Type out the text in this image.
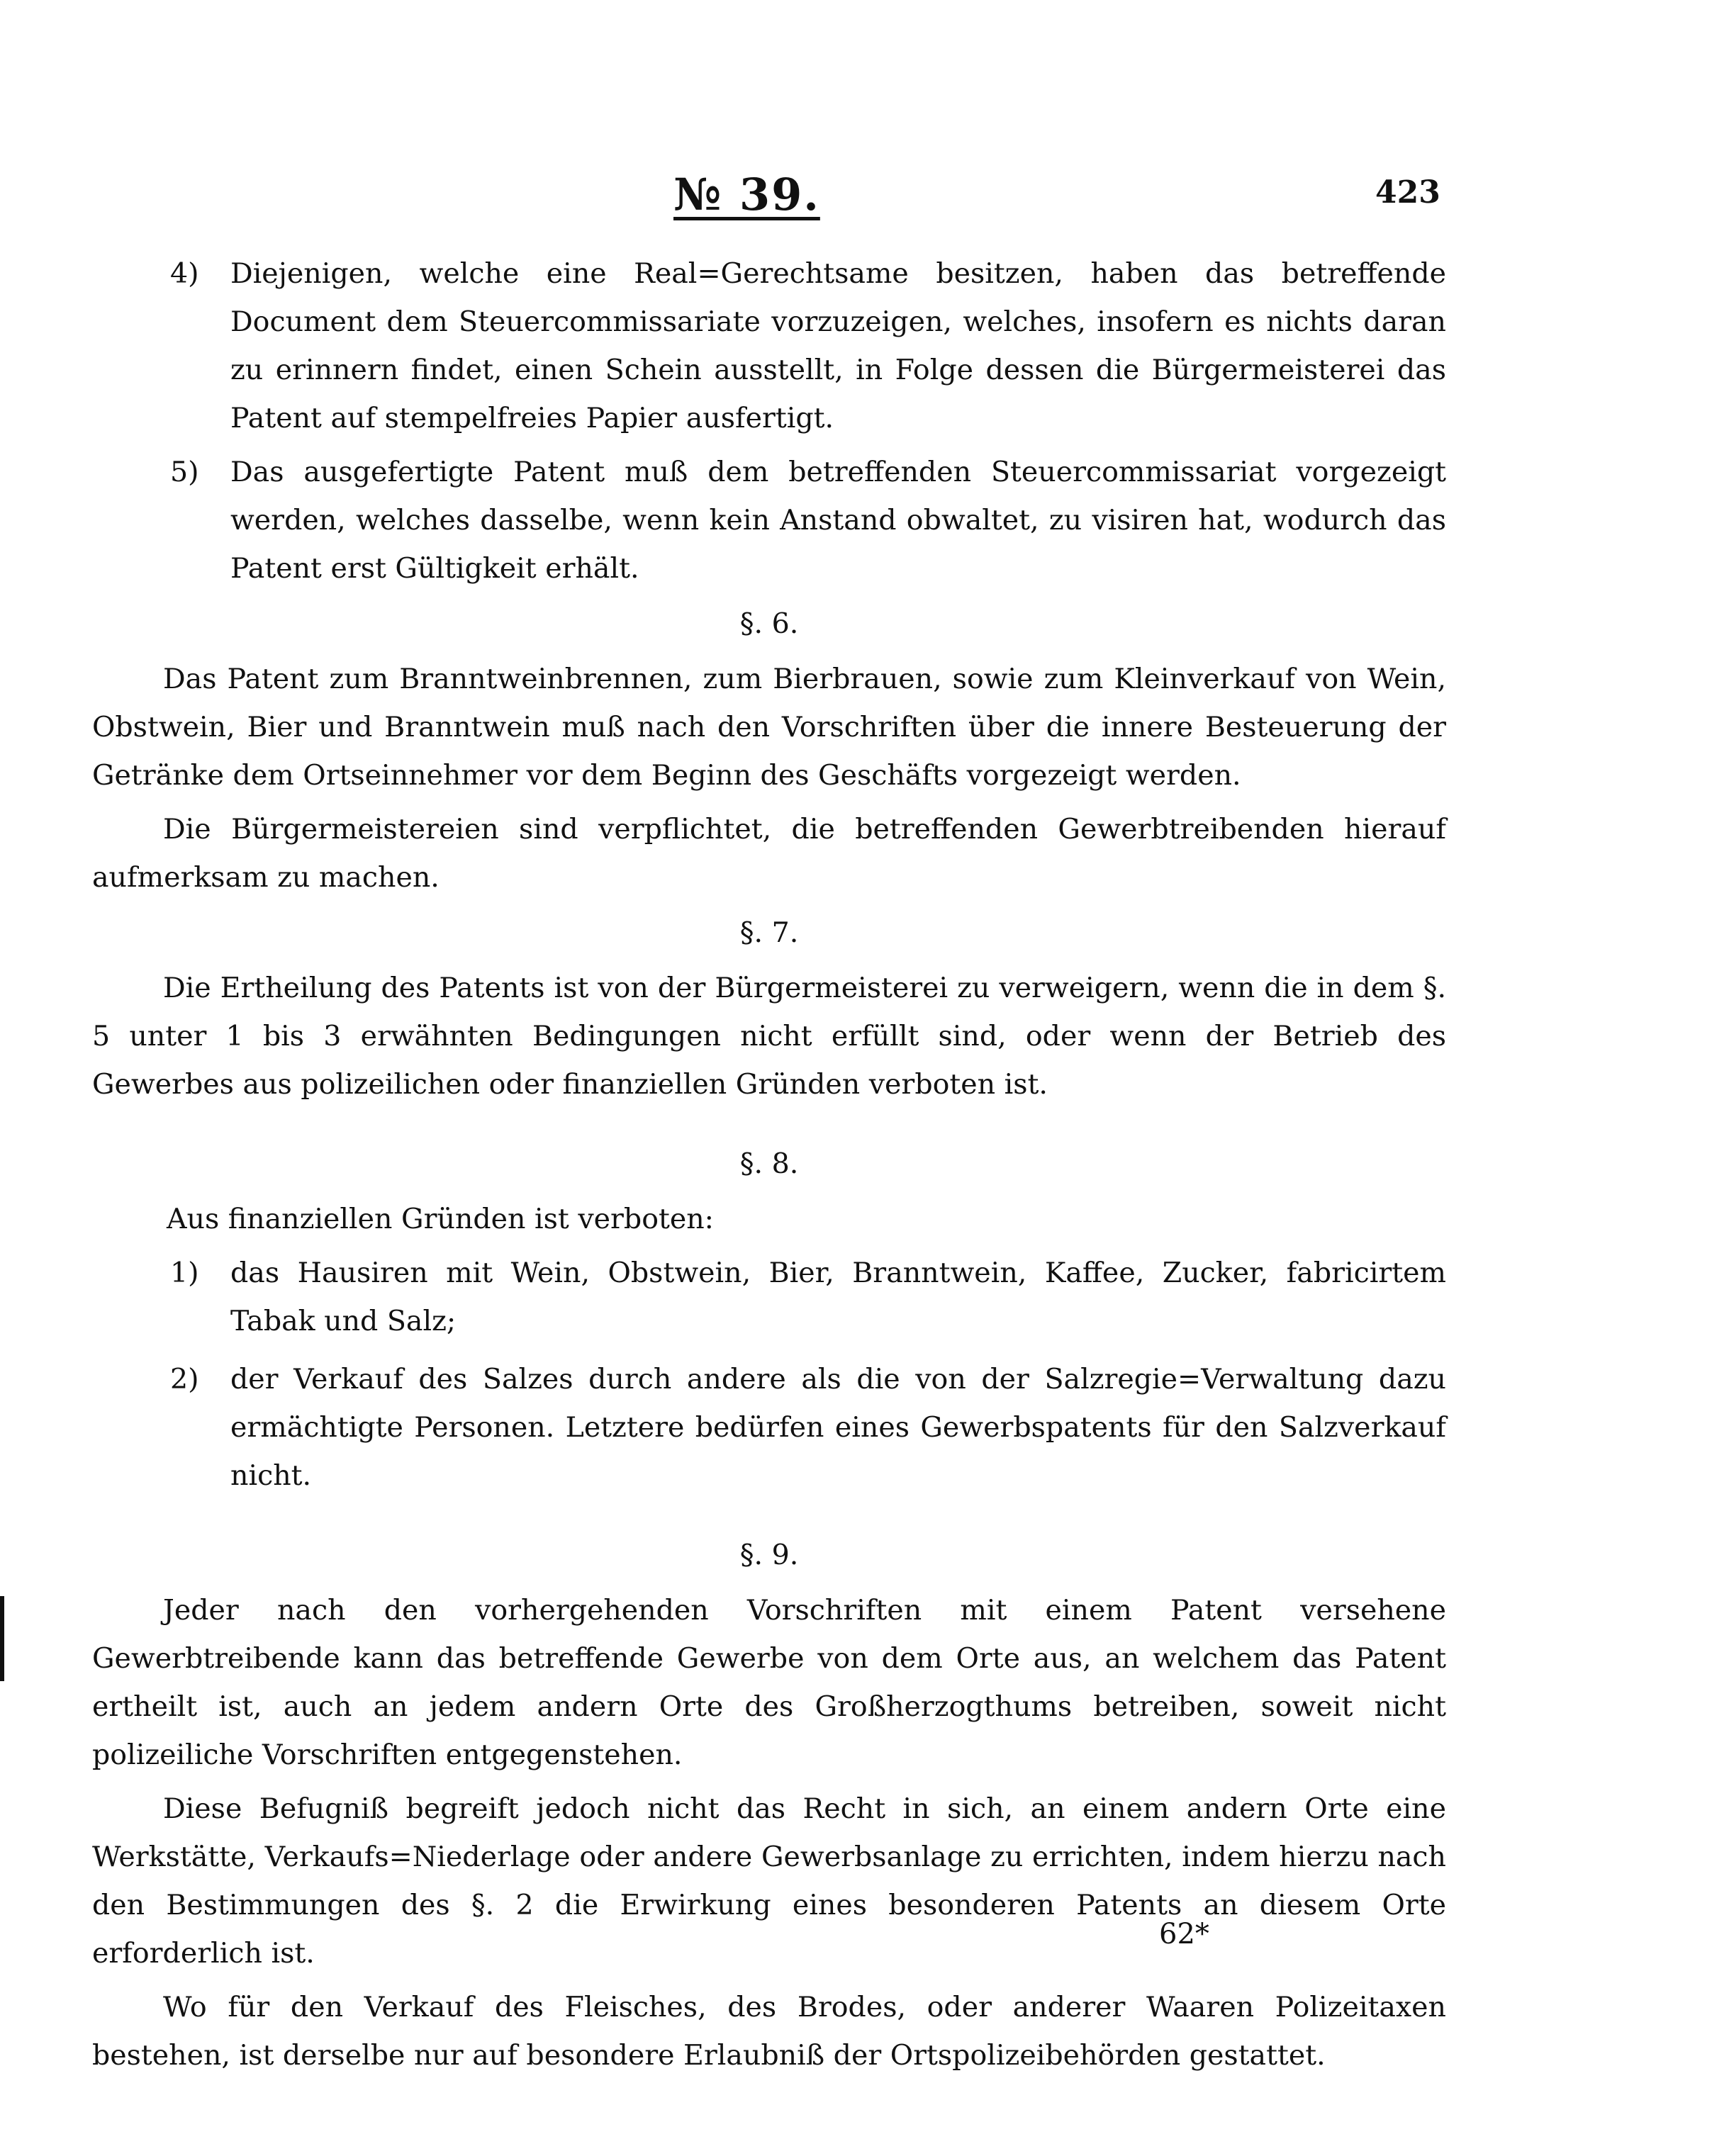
№ 39.	423
4) Diejenigen, welche eine Real=Gerechtsame besitzen, haben das betreffende Document dem Steuercommissariate vorzuzeigen, welches, insofern es nichts daran zu erinnern findet, einen Schein ausstellt, in Folge dessen die Bürgermeisterei das Patent auf stempelfreies Papier ausfertigt.
5) Das ausgefertigte Patent muß dem betreffenden Steuercommissariat vorgezeigt werden, welches dasselbe, wenn kein Anstand obwaltet, zu visiren hat, wodurch das Patent erst Gültigkeit erhält.
§. 6.

Das Patent zum Branntweinbrennen, zum Bierbrauen, sowie zum Kleinverkauf von Wein, Obstwein, Bier und Branntwein muß nach den Vorschriften über die innere Besteuerung der Getränke dem Ortseinnehmer vor dem Beginn des Geschäfts vorgezeigt werden.

Die Bürgermeistereien sind verpflichtet, die betreffenden Gewerbtreibenden hierauf aufmerksam zu machen.

§. 7.

Die Ertheilung des Patents ist von der Bürgermeisterei zu verweigern, wenn die in dem §. 5 unter 1 bis 3 erwähnten Bedingungen nicht erfüllt sind, oder wenn der Betrieb des Gewerbes aus polizeilichen oder finanziellen Gründen verboten ist.

§. 8.

Aus finanziellen Gründen ist verboten:

1) das Hausiren mit Wein, Obstwein, Bier, Branntwein, Kaffee, Zucker, fabricirtem Tabak und Salz;
2) der Verkauf des Salzes durch andere als die von der Salzregie=Verwaltung dazu ermächtigte Personen. Letztere bedürfen eines Gewerbspatents für den Salzverkauf nicht.
§. 9.

Jeder nach den vorhergehenden Vorschriften mit einem Patent versehene Gewerbtreibende kann das betreffende Gewerbe von dem Orte aus, an welchem das Patent ertheilt ist, auch an jedem andern Orte des Großherzogthums betreiben, soweit nicht polizeiliche Vorschriften entgegenstehen.

Diese Befugniß begreift jedoch nicht das Recht in sich, an einem andern Orte eine Werkstätte, Verkaufs=Niederlage oder andere Gewerbsanlage zu errichten, indem hierzu nach den Bestimmungen des §. 2 die Erwirkung eines besonderen Patents an diesem Orte erforderlich ist.

Wo für den Verkauf des Fleisches, des Brodes, oder anderer Waaren Polizeitaxen bestehen, ist derselbe nur auf besondere Erlaubniß der Ortspolizeibehörden gestattet.

62*
